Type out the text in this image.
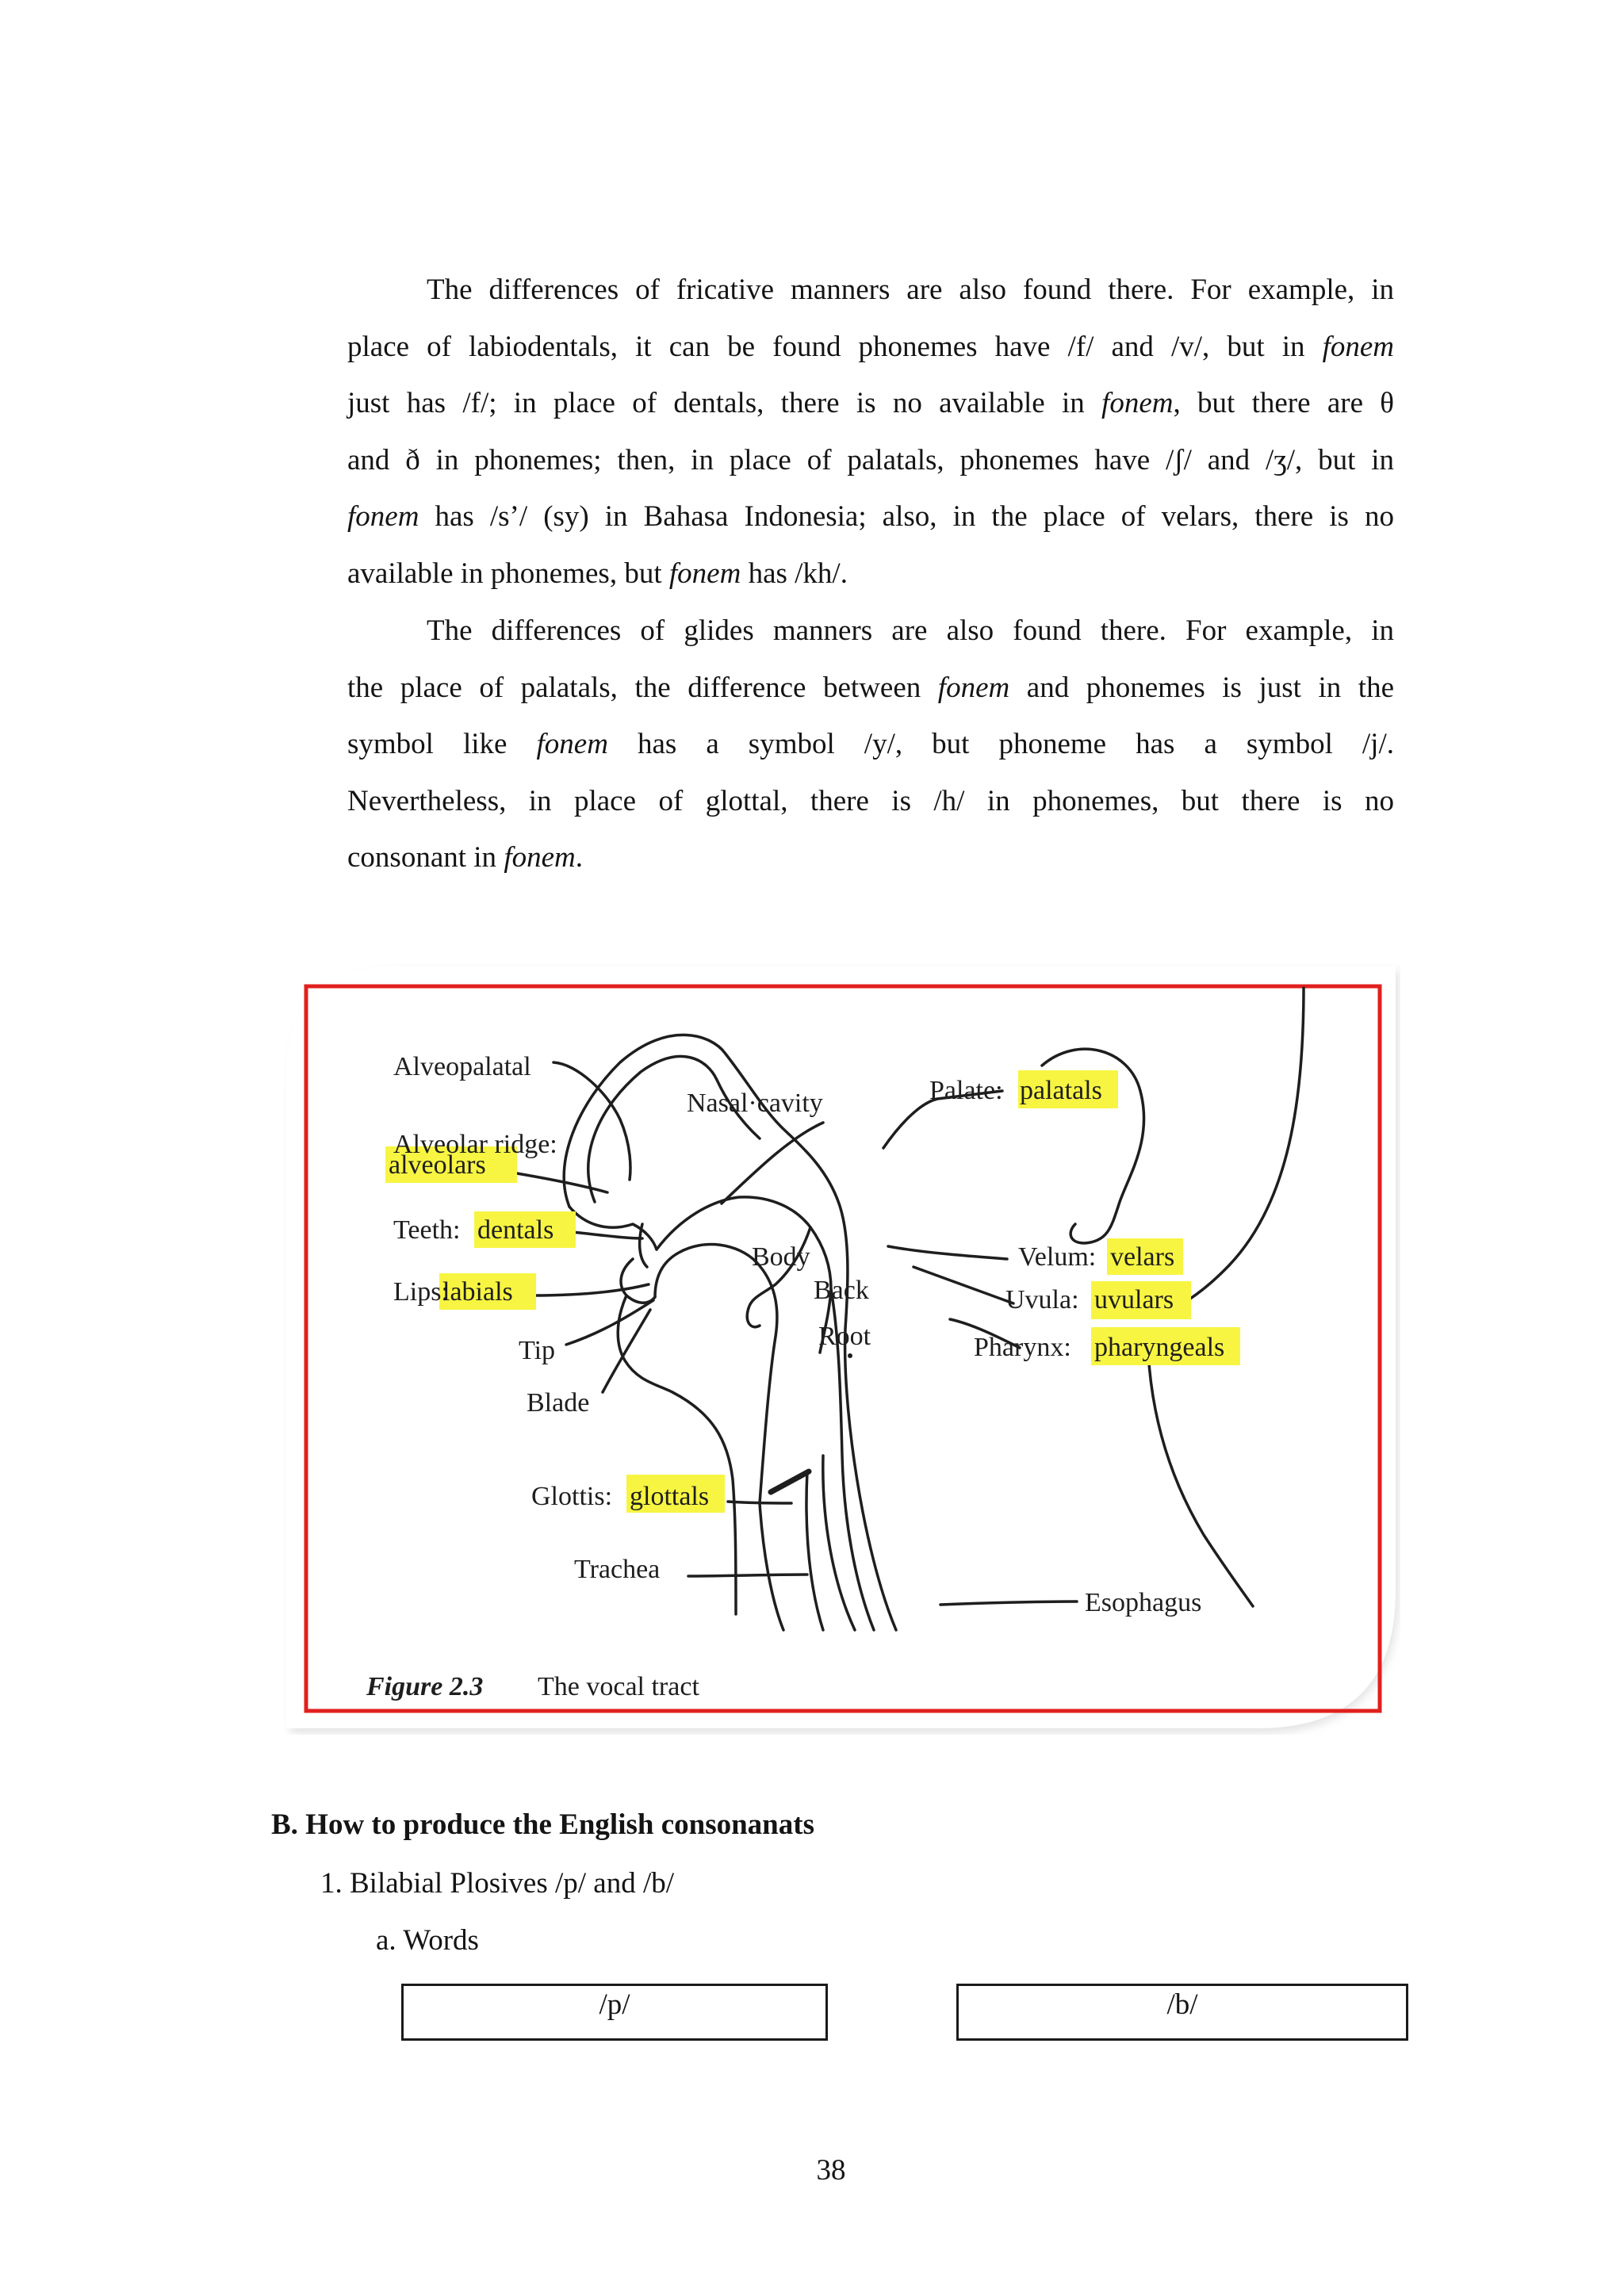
The differences of fricative manners are also found there. For example, in
place of labiodentals, it can be found phonemes have /f/ and /v/, but in fonem
just has /f/; in place of dentals, there is no available in fonem, but there are θ
and ð in phonemes; then, in place of palatals, phonemes have /ʃ/ and /ʒ/, but in
fonem has /s’/ (sy) in Bahasa Indonesia; also, in the place of velars, there is no
available in phonemes, but fonem has /kh/.
The differences of glides manners are also found there. For example, in
the place of palatals, the difference between fonem and phonemes is just in the
symbol like fonem has a symbol /y/, but phoneme has a symbol /j/.
Nevertheless, in place of glottal, there is /h/ in phonemes, but there is no
consonant in fonem.
Alveopalatal
Alveolar ridge:
alveolars
Nasal·cavity	Palate: palatals
Teeth: dentals
Body
Back
Root
Velum: velars
Lips:
labials	Uvula: uvulars
Tip	Pharynx: pharyngeals
Blade
Glottis: glottals
Trachea
Esophagus
Figure 2.3 The vocal tract
B. How to produce the English consonanats
1. Bilabial Plosives /p/ and /b/
a. Words
/p/	/b/
38
